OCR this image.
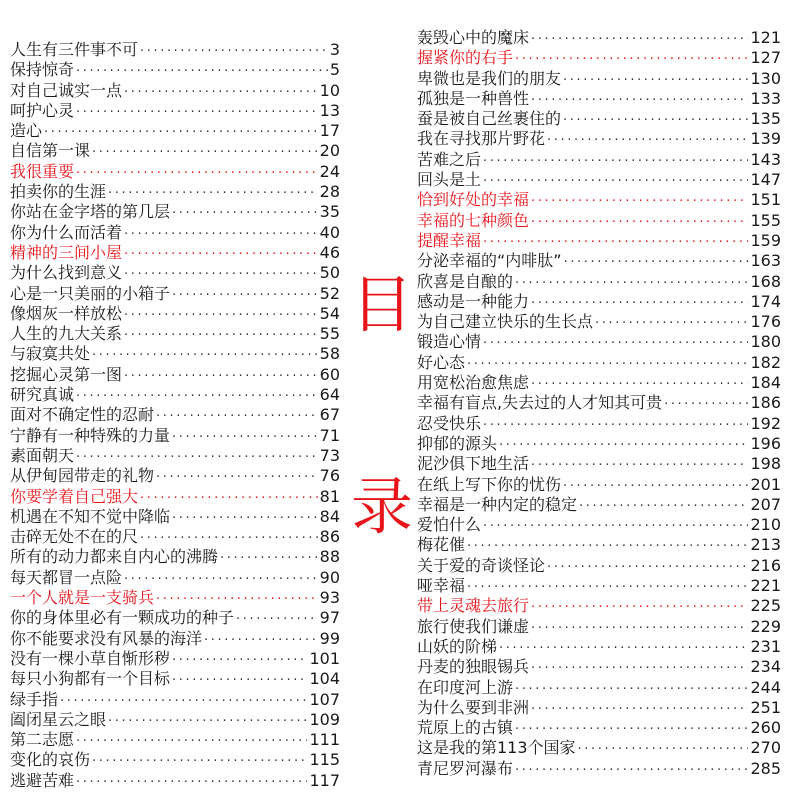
人生有三件事不可 ·····	3
保持惊奇 ·····	5
对自己诚实一点 ·····	10
呵护心灵 ·····	13
造心 ·····	17
自信第一课 ·····	20
我很重要 ·····	24
拍卖你的生涯 ·····	28
你站在金字塔的第几层 ·····	35
你为什么而活着 ·····	40
精神的三间小屋 ·····	46
为什么找到意义 ·····	50
心是一只美丽的小箱子 ·····	52
像烟灰一样放松 ·····	54
人生的九大关系 ·····	55
与寂寞共处 ·····	58
挖掘心灵第一图 ·····	60
研究真诚 ·····	64
面对不确定性的忍耐 ·····	67
宁静有一种特殊的力量 ·····	71
素面朝天 ·····	73
从伊甸园带走的礼物 ·····	76
你要学着自己强大 ·····	81
机遇在不知不觉中降临 ·····	84
击碎无处不在的尺 ·····	86
所有的动力都来自内心的沸腾 ·····	88
每天都冒一点险 ·····	90
一个人就是一支骑兵 ·····	93
你的身体里必有一颗成功的种子 ·····	97
你不能要求没有风暴的海洋 ·····	99
没有一棵小草自惭形秽 ·····	101
每只小狗都有一个目标 ·····	104
绿手指 ·····	107
阖闭星云之眼 ·····	109
第二志愿 ·····	111
变化的哀伤 ·····	115
逃避苦难 ·····	117
目
录
轰毁心中的魔床 ·····	121
握紧你的右手 ·····	127
卑微也是我们的朋友 ·····	130
孤独是一种兽性 ·····	133
蚕是被自己丝裹住的 ·····	135
我在寻找那片野花 ·····	139
苦难之后 ·····	143
回头是土 ·····	147
恰到好处的幸福 ·····	151
幸福的七种颜色 ·····	155
提醒幸福 ·····	159
分泌幸福的“内啡肽” ·····	163
欣喜是自酿的 ·····	168
感动是一种能力 ·····	174
为自己建立快乐的生长点 ·····	176
锻造心情 ·····	180
好心态 ·····	182
用宽松治愈焦虑 ·····	184
幸福有盲点,失去过的人才知其可贵 ·····	186
忍受快乐 ·····	192
抑郁的源头 ·····	196
泥沙俱下地生活 ·····	198
在纸上写下你的忧伤 ·····	201
幸福是一种内定的稳定 ·····	207
爱怕什么 ·····	210
梅花催 ·····	213
关于爱的奇谈怪论 ·····	216
哑幸福 ·····	221
带上灵魂去旅行 ·····	225
旅行使我们谦虚 ·····	229
山妖的阶梯 ·····	231
丹麦的独眼锡兵 ·····	234
在印度河上游 ·····	244
为什么要到非洲 ·····	251
荒原上的古镇 ·····	260
这是我的第113个国家 ·····	270
青尼罗河瀑布 ·····	285
